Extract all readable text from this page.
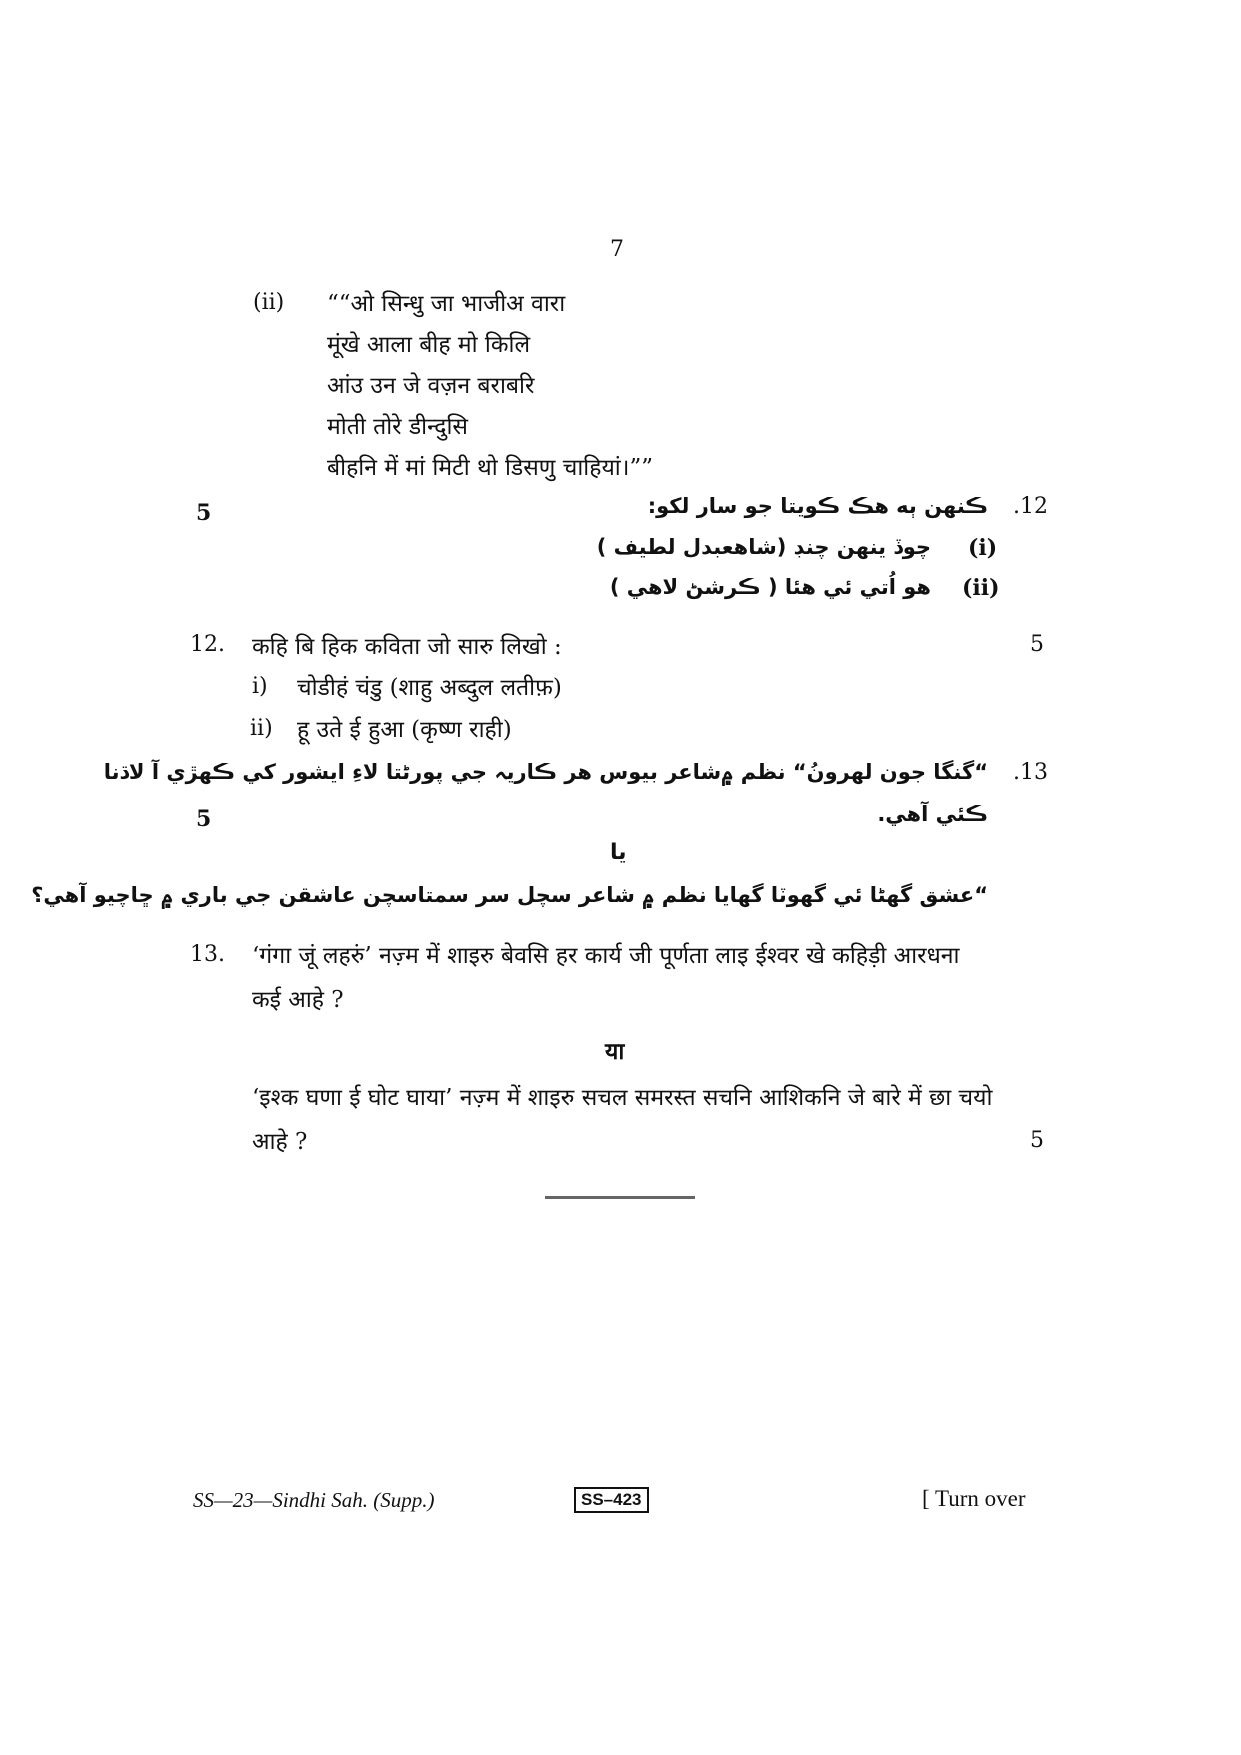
7
(ii) ““ओ सिन्धु जा भाजीअ वारा
मूंखे आला बीह मो किलि
आंउ उन जे वज़न बराबरि
मोती तोरे डीन्दुसि
बीहनि में मां मिटी थो डिसणु चाहियां।””
5	.12
ڪنهن ٻه هڪ ڪويتا جو سار لکو:
(i)
چوڏ ينهن چنڊ (شاهعبدل لطيف )
(ii)
هو اُتي ئي هئا ( ڪرشڻ لاهي )
12. कहि बि हिक कविता जो सारु लिखो :	5
i) चोडीहं चंडु (शाहु अब्दुल लतीफ़)
ii) हू उते ई हुआ (कृष्ण राही)
.13
“گنگا جون لهرونُ“ نظم ۾شاعر بيوس هر ڪاريہ جي پورڻتا لاءِ ايشور کي ڪهڙي آ لاڌنا
ڪئي آهي.
5
يا
“عشق گهڻا ئي گهوٽا گهايا نظم ۾ شاعر سچل سر سمتاسچن عاشقن جي باري ۾ ڇاچيو آهي؟
13. ‘गंगा जूं लहरुं’ नज़्म में शाइरु बेवसि हर कार्य जी पूर्णता लाइ ईश्वर खे कहिड़ी आरधना
कई आहे ?
या
‘इश्क घणा ई घोट घाया’ नज़्म में शाइरु सचल समरस्त सचनि आशिकनि जे बारे में छा चयो
आहे ?	5
SS—23—Sindhi Sah. (Supp.)	SS–423	[ Turn over
